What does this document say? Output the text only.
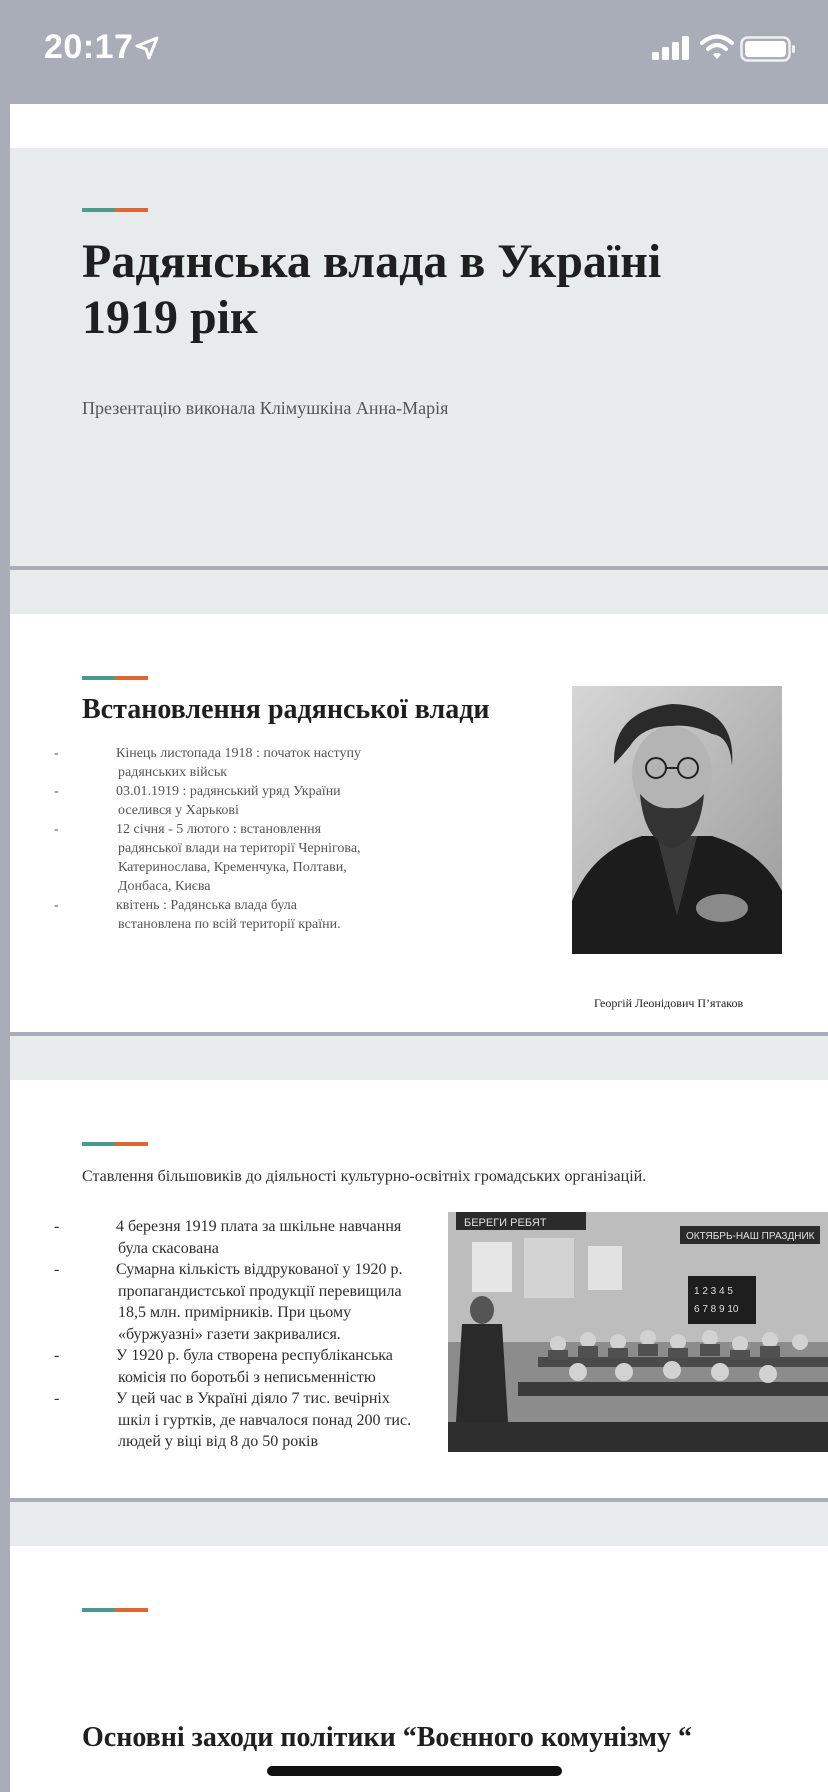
20:17
Радянська влада в Україні
1919 рік
Презентацію виконала Клімушкіна Анна-Марія
Встановлення радянської влади
-	Кінець листопада 1918 : початок наступу
радянських військ
-	03.01.1919 : радянський уряд України
оселився у Харькові
-	12 січня - 5 лютого : встановлення
радянської влади на території Чернігова,
Катеринослава, Кременчука, Полтави,
Донбаса, Києва
-	квітень : Радянська влада була
встановлена по всій території країни.
Георгій Леонідович П’ятаков
Ставлення більшовиків до діяльності культурно-освітніх громадських організацій.
-	4 березня 1919 плата за шкільне навчання
була скасована
-	Сумарна кількість віддрукованої у 1920 р.
пропагандистської продукції перевищила
18,5 млн. примірників. При цьому
«буржуазні» газети закривалися.
-	У 1920 р. була створена республіканська
комісія по боротьбі з неписьменністю
-	У цей час в Україні діяло 7 тис. вечірніх
шкіл і гуртків, де навчалося понад 200 тис.
людей у віці від 8 до 50 років
БЕРЕГИ РЕБЯТ
ОКТЯБРЬ-НАШ ПРАЗДНИК
1 2 3 4 5
6 7 8 9 10
Основні заходи політики “Воєнного комунізму “
